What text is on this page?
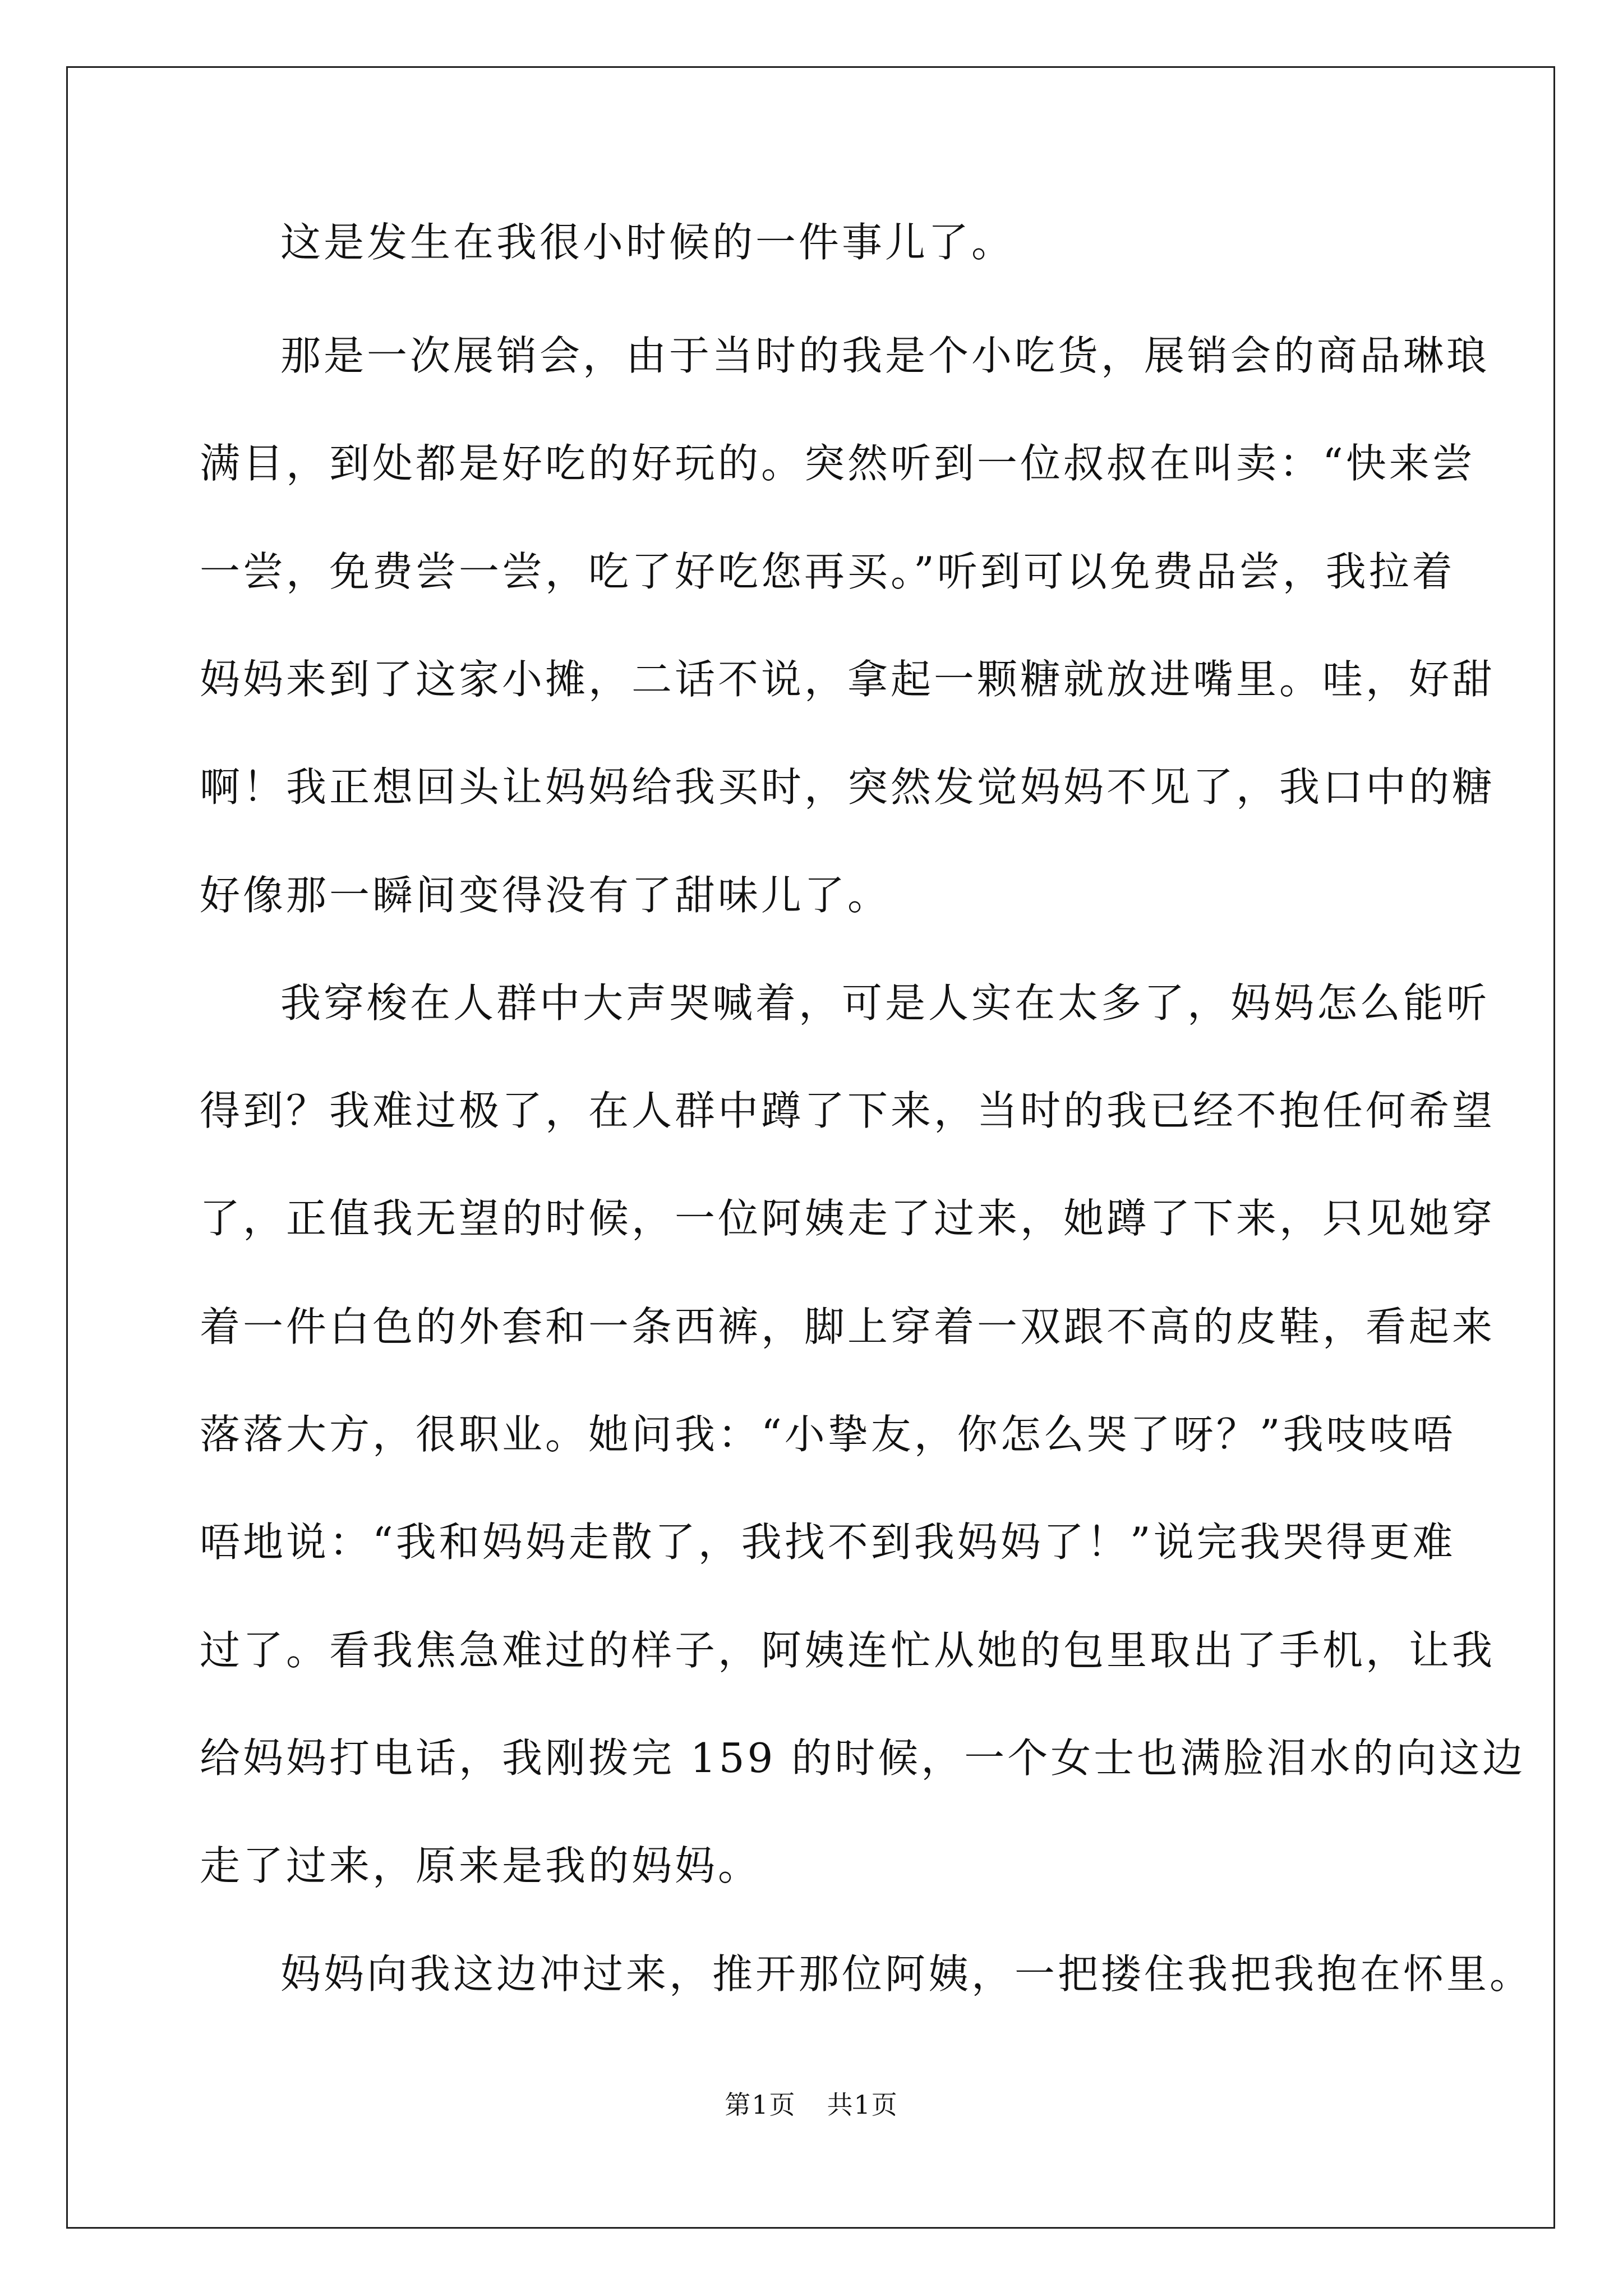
这是发生在我很小时候的一件事儿了。
那是一次展销会，由于当时的我是个小吃货，展销会的商品琳琅
满目，到处都是好吃的好玩的。突然听到一位叔叔在叫卖：“快来尝
一尝，免费尝一尝，吃了好吃您再买。”听到可以免费品尝，我拉着
妈妈来到了这家小摊，二话不说，拿起一颗糖就放进嘴里。哇，好甜
啊！我正想回头让妈妈给我买时，突然发觉妈妈不见了，我口中的糖
好像那一瞬间变得没有了甜味儿了。
我穿梭在人群中大声哭喊着，可是人实在太多了，妈妈怎么能听
得到？我难过极了，在人群中蹲了下来，当时的我已经不抱任何希望
了，正值我无望的时候，一位阿姨走了过来，她蹲了下来，只见她穿
着一件白色的外套和一条西裤，脚上穿着一双跟不高的皮鞋，看起来
落落大方，很职业。她问我：“小挚友，你怎么哭了呀？”我吱吱唔
唔地说：“我和妈妈走散了，我找不到我妈妈了！”说完我哭得更难
过了。看我焦急难过的样子，阿姨连忙从她的包里取出了手机，让我
给妈妈打电话，我刚拨完 159 的时候，一个女士也满脸泪水的向这边
走了过来，原来是我的妈妈。
妈妈向我这边冲过来，推开那位阿姨，一把搂住我把我抱在怀里。
第1页 共1页
